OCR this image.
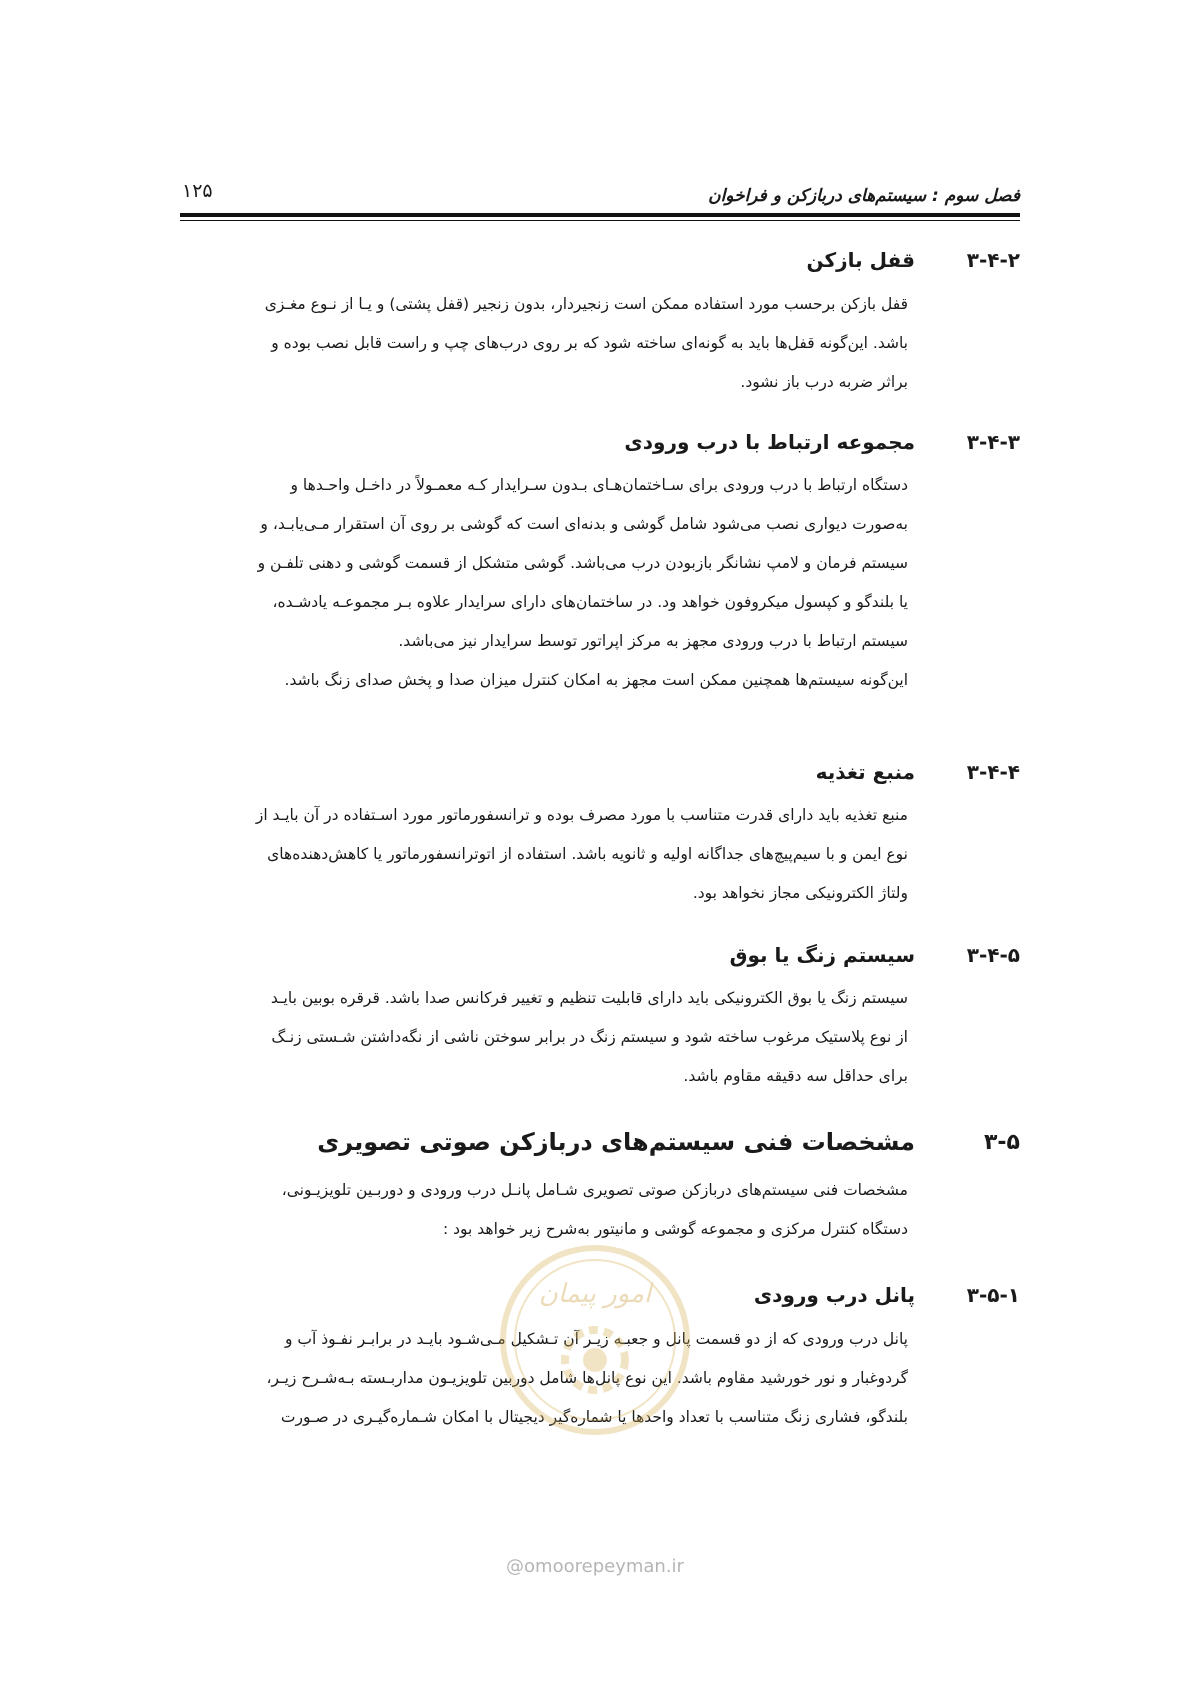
فصل سوم : سیستم‌های دربازکن و فراخوان
۱۲۵
۳-۴-۲
قفل بازکن
قفل بازکن برحسب مورد استفاده ممکن است زنجیردار، بدون زنجیر (قفل پشتی) و یـا از نـوع مغـزی
باشد. این‌گونه قفل‌ها باید به گونه‌ای ساخته شود که بر روی درب‌های چپ و راست قابل نصب بوده و
براثر ضربه درب باز نشود.
۳-۴-۳
مجموعه ارتباط با درب ورودی
دستگاه ارتباط با درب ورودی برای سـاختمان‌هـای بـدون سـرایدار کـه معمـولاً در داخـل واحـدها و
به‌صورت دیواری نصب می‌شود شامل گوشی و بدنه‌ای است که گوشی بر روی آن استقرار مـی‌یابـد، و
سیستم فرمان و لامپ نشانگر بازبودن درب می‌باشد. گوشی متشکل از قسمت گوشی و دهنی تلفـن و
یا بلندگو و کپسول میکروفون خواهد ود. در ساختمان‌های دارای سرایدار علاوه بـر مجموعـه یادشـده،
سیستم ارتباط با درب ورودی مجهز به مرکز اپراتور توسط سرایدار نیز می‌باشد.
این‌گونه سیستم‌ها همچنین ممکن است مجهز به امکان کنترل میزان صدا و پخش صدای زنگ باشد.
۳-۴-۴
منبع تغذیه
منبع تغذیه باید دارای قدرت متناسب با مورد مصرف بوده و ترانسفورماتور مورد اسـتفاده در آن بایـد از
نوع ایمن و با سیم‌پیچ‌های جداگانه اولیه و ثانویه باشد. استفاده از اتوترانسفورماتور یا کاهش‌دهنده‌های
ولتاژ الکترونیکی مجاز نخواهد بود.
۳-۴-۵
سیستم زنگ یا بوق
سیستم زنگ یا بوق الکترونیکی باید دارای قابلیت تنظیم و تغییر فرکانس صدا باشد. قرقره بوبین بایـد
از نوع پلاستیک مرغوب ساخته شود و سیستم زنگ در برابر سوختن ناشی از نگه‌داشتن شـستی زنـگ
برای حداقل سه دقیقه مقاوم باشد.
۳-۵
مشخصات فنی سیستم‌های دربازکن صوتی تصویری
مشخصات فنی سیستم‌های دربازکن صوتی تصویری شـامل پانـل درب ورودی و دوربـین تلویزیـونی،
دستگاه کنترل مرکزی و مجموعه گوشی و مانیتور به‌شرح زیر خواهد بود :
۳-۵-۱
پانل درب ورودی
پانل درب ورودی که از دو قسمت پانل و جعبـه زیـر آن تـشکیل مـی‌شـود بایـد در برابـر نفـوذ آب و
گردوغبار و نور خورشید مقاوم باشد. این نوع پانل‌ها شامل دوربین تلویزیـون مداربـسته بـه‌شـرح زیـر،
بلندگو، فشاری زنگ متناسب با تعداد واحدها یا شماره‌گیر دیجیتال با امکان شـماره‌گیـری در صـورت
امور پیمان
@omoorepeyman.ir
